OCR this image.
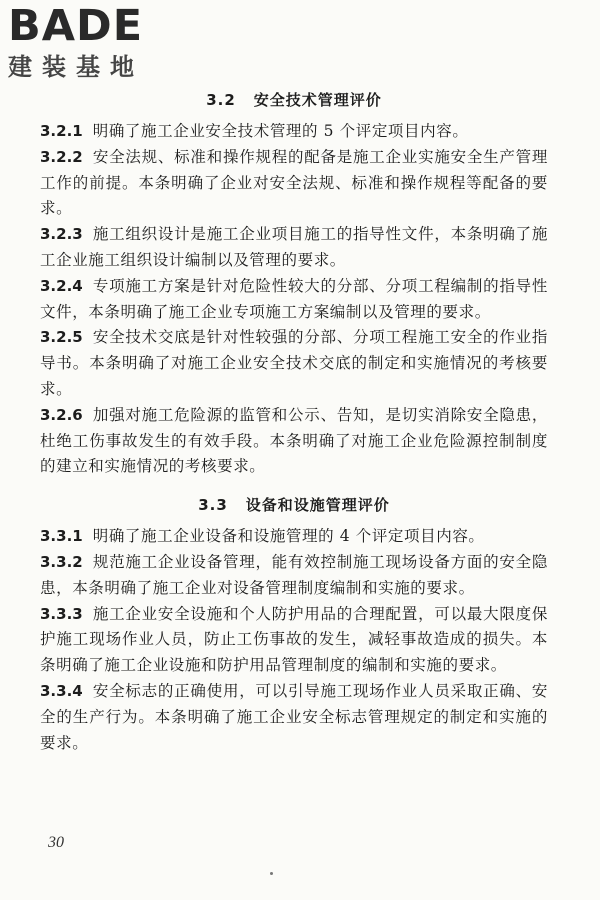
BADE
建装基地
3.2 安全技术管理评价

3.2.1 明确了施工企业安全技术管理的 5 个评定项目内容。

3.2.2 安全法规、标准和操作规程的配备是施工企业实施安全生产管理工作的前提。本条明确了企业对安全法规、标准和操作规程等配备的要求。

3.2.3 施工组织设计是施工企业项目施工的指导性文件，本条明确了施工企业施工组织设计编制以及管理的要求。

3.2.4 专项施工方案是针对危险性较大的分部、分项工程编制的指导性文件，本条明确了施工企业专项施工方案编制以及管理的要求。

3.2.5 安全技术交底是针对性较强的分部、分项工程施工安全的作业指导书。本条明确了对施工企业安全技术交底的制定和实施情况的考核要求。

3.2.6 加强对施工危险源的监管和公示、告知，是切实消除安全隐患，杜绝工伤事故发生的有效手段。本条明确了对施工企业危险源控制制度的建立和实施情况的考核要求。

3.3 设备和设施管理评价

3.3.1 明确了施工企业设备和设施管理的 4 个评定项目内容。

3.3.2 规范施工企业设备管理，能有效控制施工现场设备方面的安全隐患，本条明确了施工企业对设备管理制度编制和实施的要求。

3.3.3 施工企业安全设施和个人防护用品的合理配置，可以最大限度保护施工现场作业人员，防止工伤事故的发生，减轻事故造成的损失。本条明确了施工企业设施和防护用品管理制度的编制和实施的要求。

3.3.4 安全标志的正确使用，可以引导施工现场作业人员采取正确、安全的生产行为。本条明确了施工企业安全标志管理规定的制定和实施的要求。

30
